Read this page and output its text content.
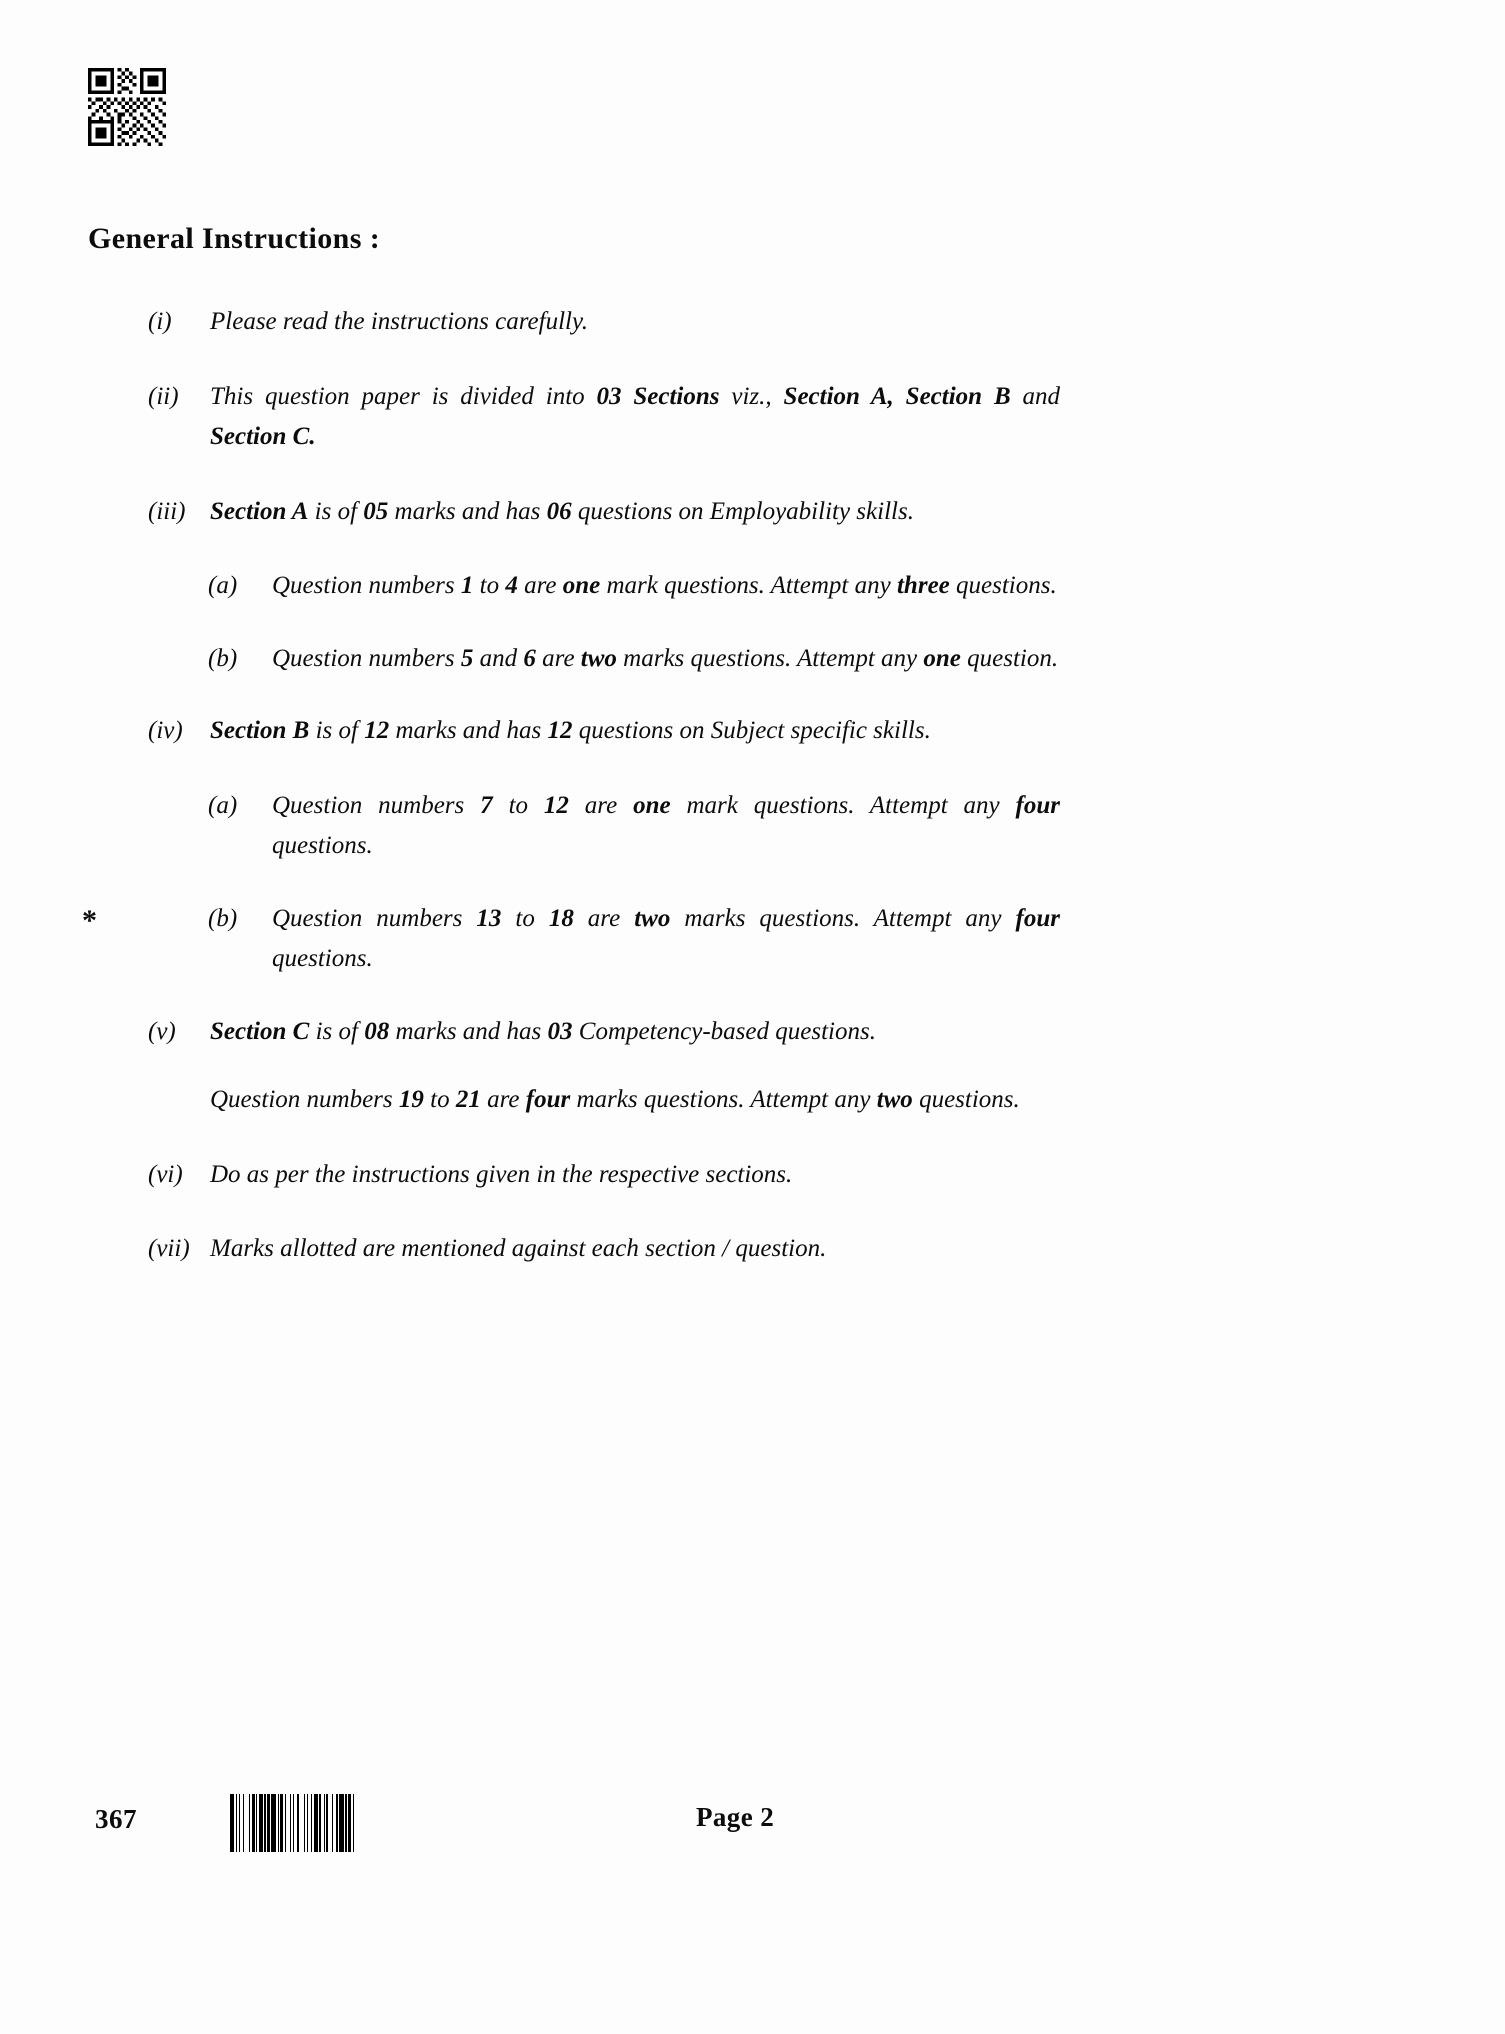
General Instructions :
*
(i)	Please read the instructions carefully.
(ii)	This question paper is divided into 03 Sections viz., Section A, Section B and Section C.
(iii) Section A is of 05 marks and has 06 questions on Employability skills.
(a)	Question numbers 1 to 4 are one mark questions. Attempt any three questions.
(b)	Question numbers 5 and 6 are two marks questions. Attempt any one question.
(iv)	Section B is of 12 marks and has 12 questions on Subject specific skills.
(a)	Question numbers 7 to 12 are one mark questions. Attempt any four questions.
(b)	Question numbers 13 to 18 are two marks questions. Attempt any four questions.
(v)	Section C is of 08 marks and has 03 Competency-based questions.
Question numbers 19 to 21 are four marks questions. Attempt any two questions.
(vi)	Do as per the instructions given in the respective sections.
(vii) Marks allotted are mentioned against each section / question.
367	Page 2
